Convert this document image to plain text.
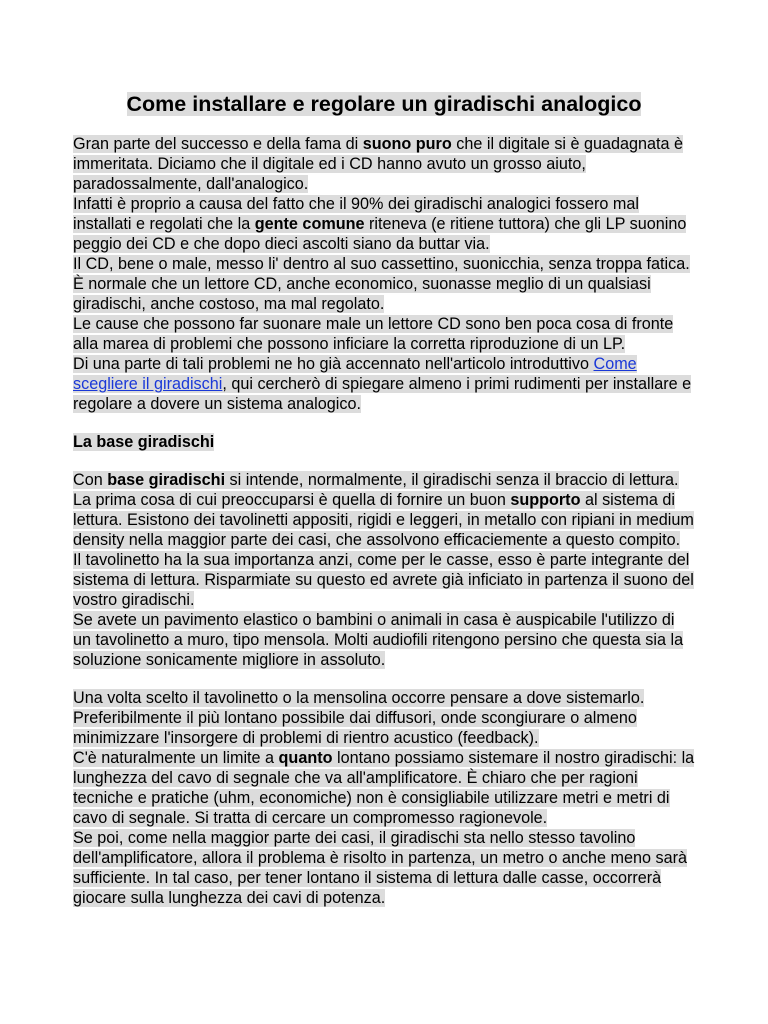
Come installare e regolare un giradischi analogico

Gran parte del successo e della fama di suono puro che il digitale si è guadagnata è immeritata. Diciamo che il digitale ed i CD hanno avuto un grosso aiuto, paradossalmente, dall'analogico.

Infatti è proprio a causa del fatto che il 90% dei giradischi analogici fossero mal installati e regolati che la gente comune riteneva (e ritiene tuttora) che gli LP suonino peggio dei CD e che dopo dieci ascolti siano da buttar via.

Il CD, bene o male, messo li' dentro al suo cassettino, suonicchia, senza troppa fatica. È normale che un lettore CD, anche economico, suonasse meglio di un qualsiasi giradischi, anche costoso, ma mal regolato.

Le cause che possono far suonare male un lettore CD sono ben poca cosa di fronte alla marea di problemi che possono inficiare la corretta riproduzione di un LP.

Di una parte di tali problemi ne ho già accennato nell'articolo introduttivo Come scegliere il giradischi, qui cercherò di spiegare almeno i primi rudimenti per installare e regolare a dovere un sistema analogico.

La base giradischi

Con base giradischi si intende, normalmente, il giradischi senza il braccio di lettura.

La prima cosa di cui preoccuparsi è quella di fornire un buon supporto al sistema di lettura. Esistono dei tavolinetti appositi, rigidi e leggeri, in metallo con ripiani in medium density nella maggior parte dei casi, che assolvono efficaciemente a questo compito.

Il tavolinetto ha la sua importanza anzi, come per le casse, esso è parte integrante del sistema di lettura. Risparmiate su questo ed avrete già inficiato in partenza il suono del vostro giradischi.

Se avete un pavimento elastico o bambini o animali in casa è auspicabile l'utilizzo di un tavolinetto a muro, tipo mensola. Molti audiofili ritengono persino che questa sia la soluzione sonicamente migliore in assoluto.

Una volta scelto il tavolinetto o la mensolina occorre pensare a dove sistemarlo. Preferibilmente il più lontano possibile dai diffusori, onde scongiurare o almeno minimizzare l'insorgere di problemi di rientro acustico (feedback).

C'è naturalmente un limite a quanto lontano possiamo sistemare il nostro giradischi: la lunghezza del cavo di segnale che va all'amplificatore. È chiaro che per ragioni tecniche e pratiche (uhm, economiche) non è consigliabile utilizzare metri e metri di cavo di segnale. Si tratta di cercare un compromesso ragionevole.

Se poi, come nella maggior parte dei casi, il giradischi sta nello stesso tavolino dell'amplificatore, allora il problema è risolto in partenza, un metro o anche meno sarà sufficiente. In tal caso, per tener lontano il sistema di lettura dalle casse, occorrerà giocare sulla lunghezza dei cavi di potenza.
